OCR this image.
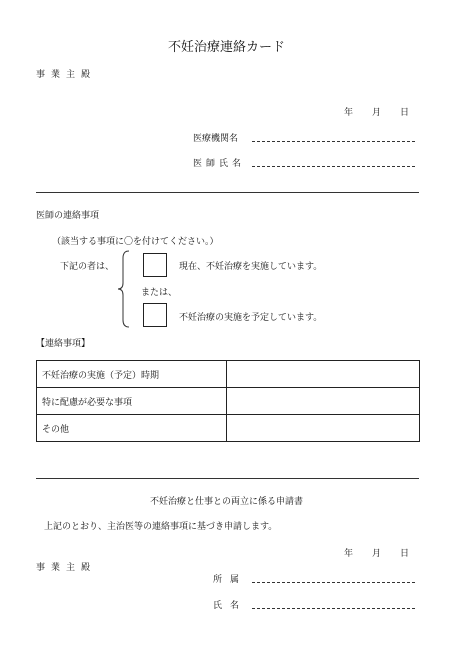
不妊治療連絡カード
事業主殿
年 月 日
医療機関名
医師氏名
医師の連絡事項
（該当する事項に〇を付けてください。）
下記の者は、	現在、不妊治療を実施しています。
または、
不妊治療の実施を予定しています。
【連絡事項】
不妊治療の実施（予定）時期	
特に配慮が必要な事項	
その他	
不妊治療と仕事との両立に係る申請書
上記のとおり、主治医等の連絡事項に基づき申請します。
年 月 日
事業主殿
所属
氏名
